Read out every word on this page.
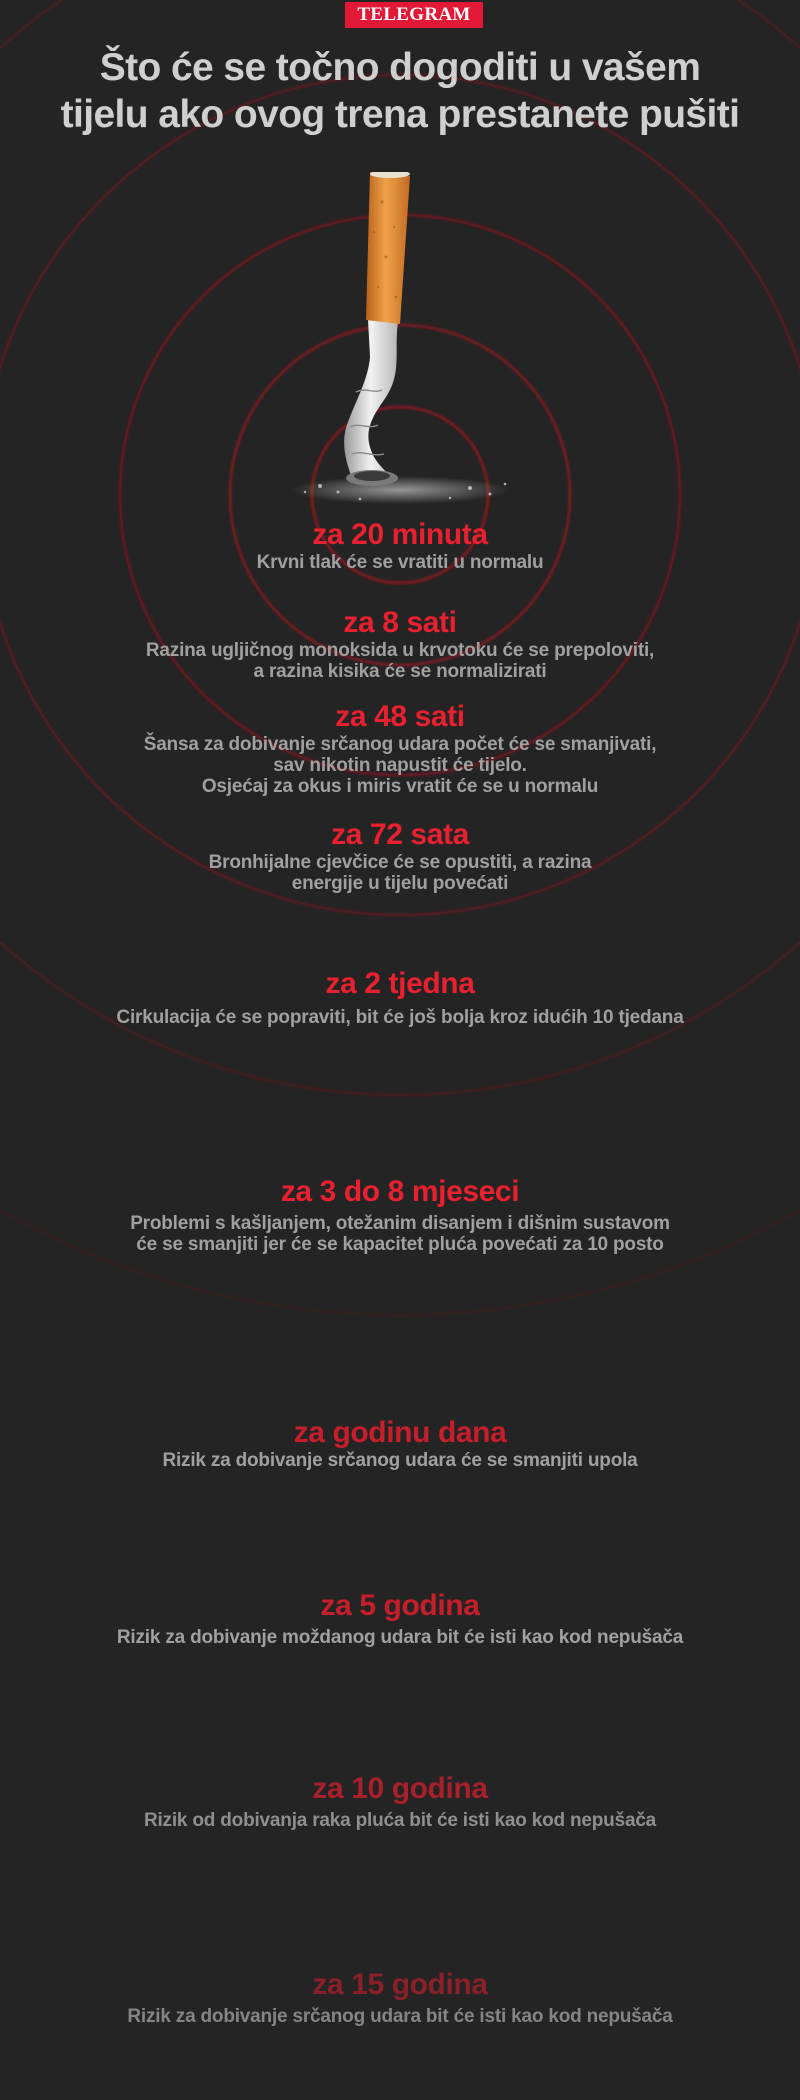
TELEGRAM
Što će se točno dogoditi u vašem
tijelu ako ovog trena prestanete pušiti
za 20 minuta
Krvni tlak će se vratiti u normalu
za 8 sati
Razina ugljičnog monoksida u krvotoku će se prepoloviti,
a razina kisika će se normalizirati
za 48 sati
Šansa za dobivanje srčanog udara počet će se smanjivati,
sav nikotin napustit će tijelo.
Osjećaj za okus i miris vratit će se u normalu
za 72 sata
Bronhijalne cjevčice će se opustiti, a razina
energije u tijelu povećati
za 2 tjedna
Cirkulacija će se popraviti, bit će još bolja kroz idućih 10 tjedana
za 3 do 8 mjeseci
Problemi s kašljanjem, otežanim disanjem i dišnim sustavom
će se smanjiti jer će se kapacitet pluća povećati za 10 posto
za godinu dana
Rizik za dobivanje srčanog udara će se smanjiti upola
za 5 godina
Rizik za dobivanje moždanog udara bit će isti kao kod nepušača
za 10 godina
Rizik od dobivanja raka pluća bit će isti kao kod nepušača
za 15 godina
Rizik za dobivanje srčanog udara bit će isti kao kod nepušača
